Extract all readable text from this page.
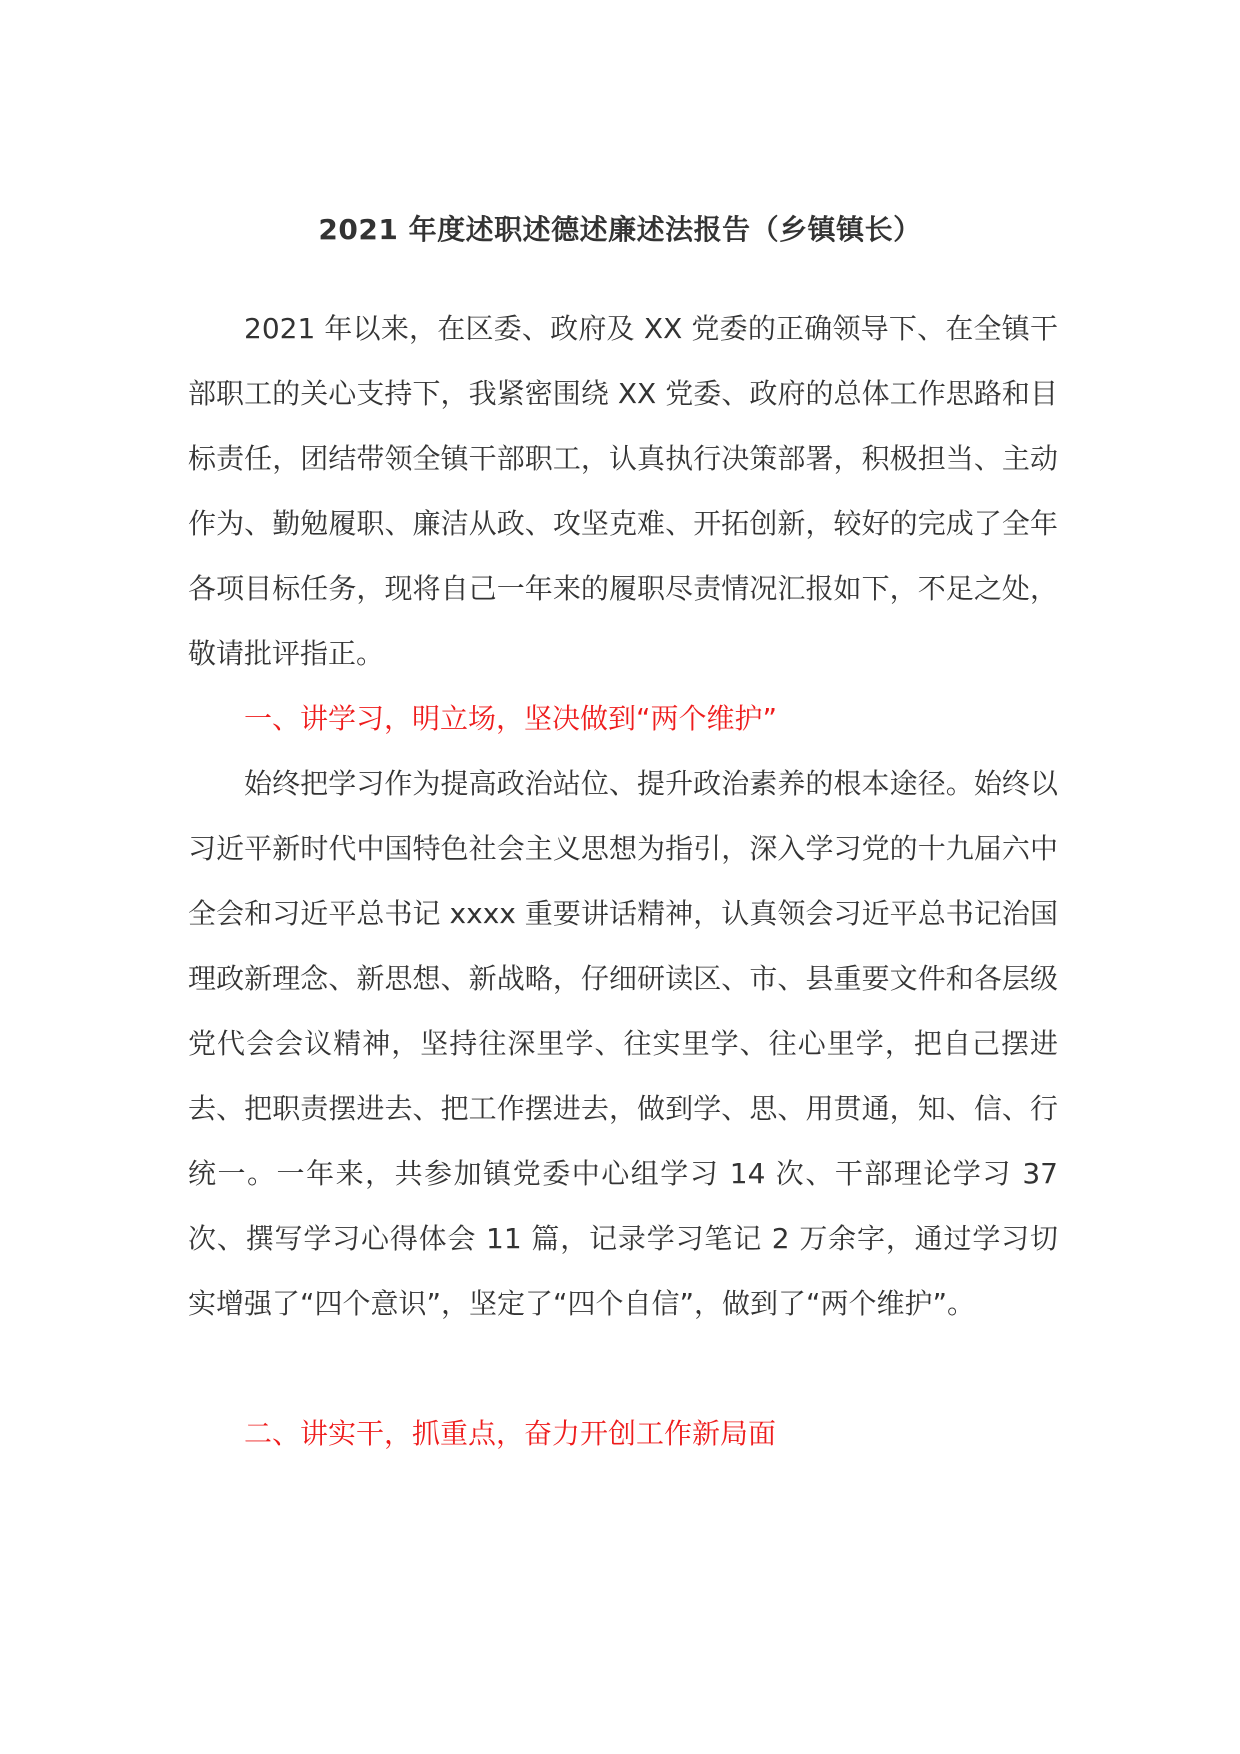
2021 年度述职述德述廉述法报告（乡镇镇长）

2021 年以来，在区委、政府及 XX 党委的正确领导下、在全镇干部职工的关心支持下，我紧密围绕 XX 党委、政府的总体工作思路和目标责任，团结带领全镇干部职工，认真执行决策部署，积极担当、主动作为、勤勉履职、廉洁从政、攻坚克难、开拓创新，较好的完成了全年各项目标任务，现将自己一年来的履职尽责情况汇报如下，不足之处，敬请批评指正。

一、讲学习，明立场，坚决做到“两个维护”

始终把学习作为提高政治站位、提升政治素养的根本途径。始终以习近平新时代中国特色社会主义思想为指引，深入学习党的十九届六中全会和习近平总书记 xxxx 重要讲话精神，认真领会习近平总书记治国理政新理念、新思想、新战略，仔细研读区、市、县重要文件和各层级党代会会议精神，坚持往深里学、往实里学、往心里学，把自己摆进去、把职责摆进去、把工作摆进去，做到学、思、用贯通，知、信、行统一。一年来，共参加镇党委中心组学习 14 次、干部理论学习 37 次、撰写学习心得体会 11 篇，记录学习笔记 2 万余字，通过学习切实增强了“四个意识”，坚定了“四个自信”，做到了“两个维护”。

二、讲实干，抓重点，奋力开创工作新局面
